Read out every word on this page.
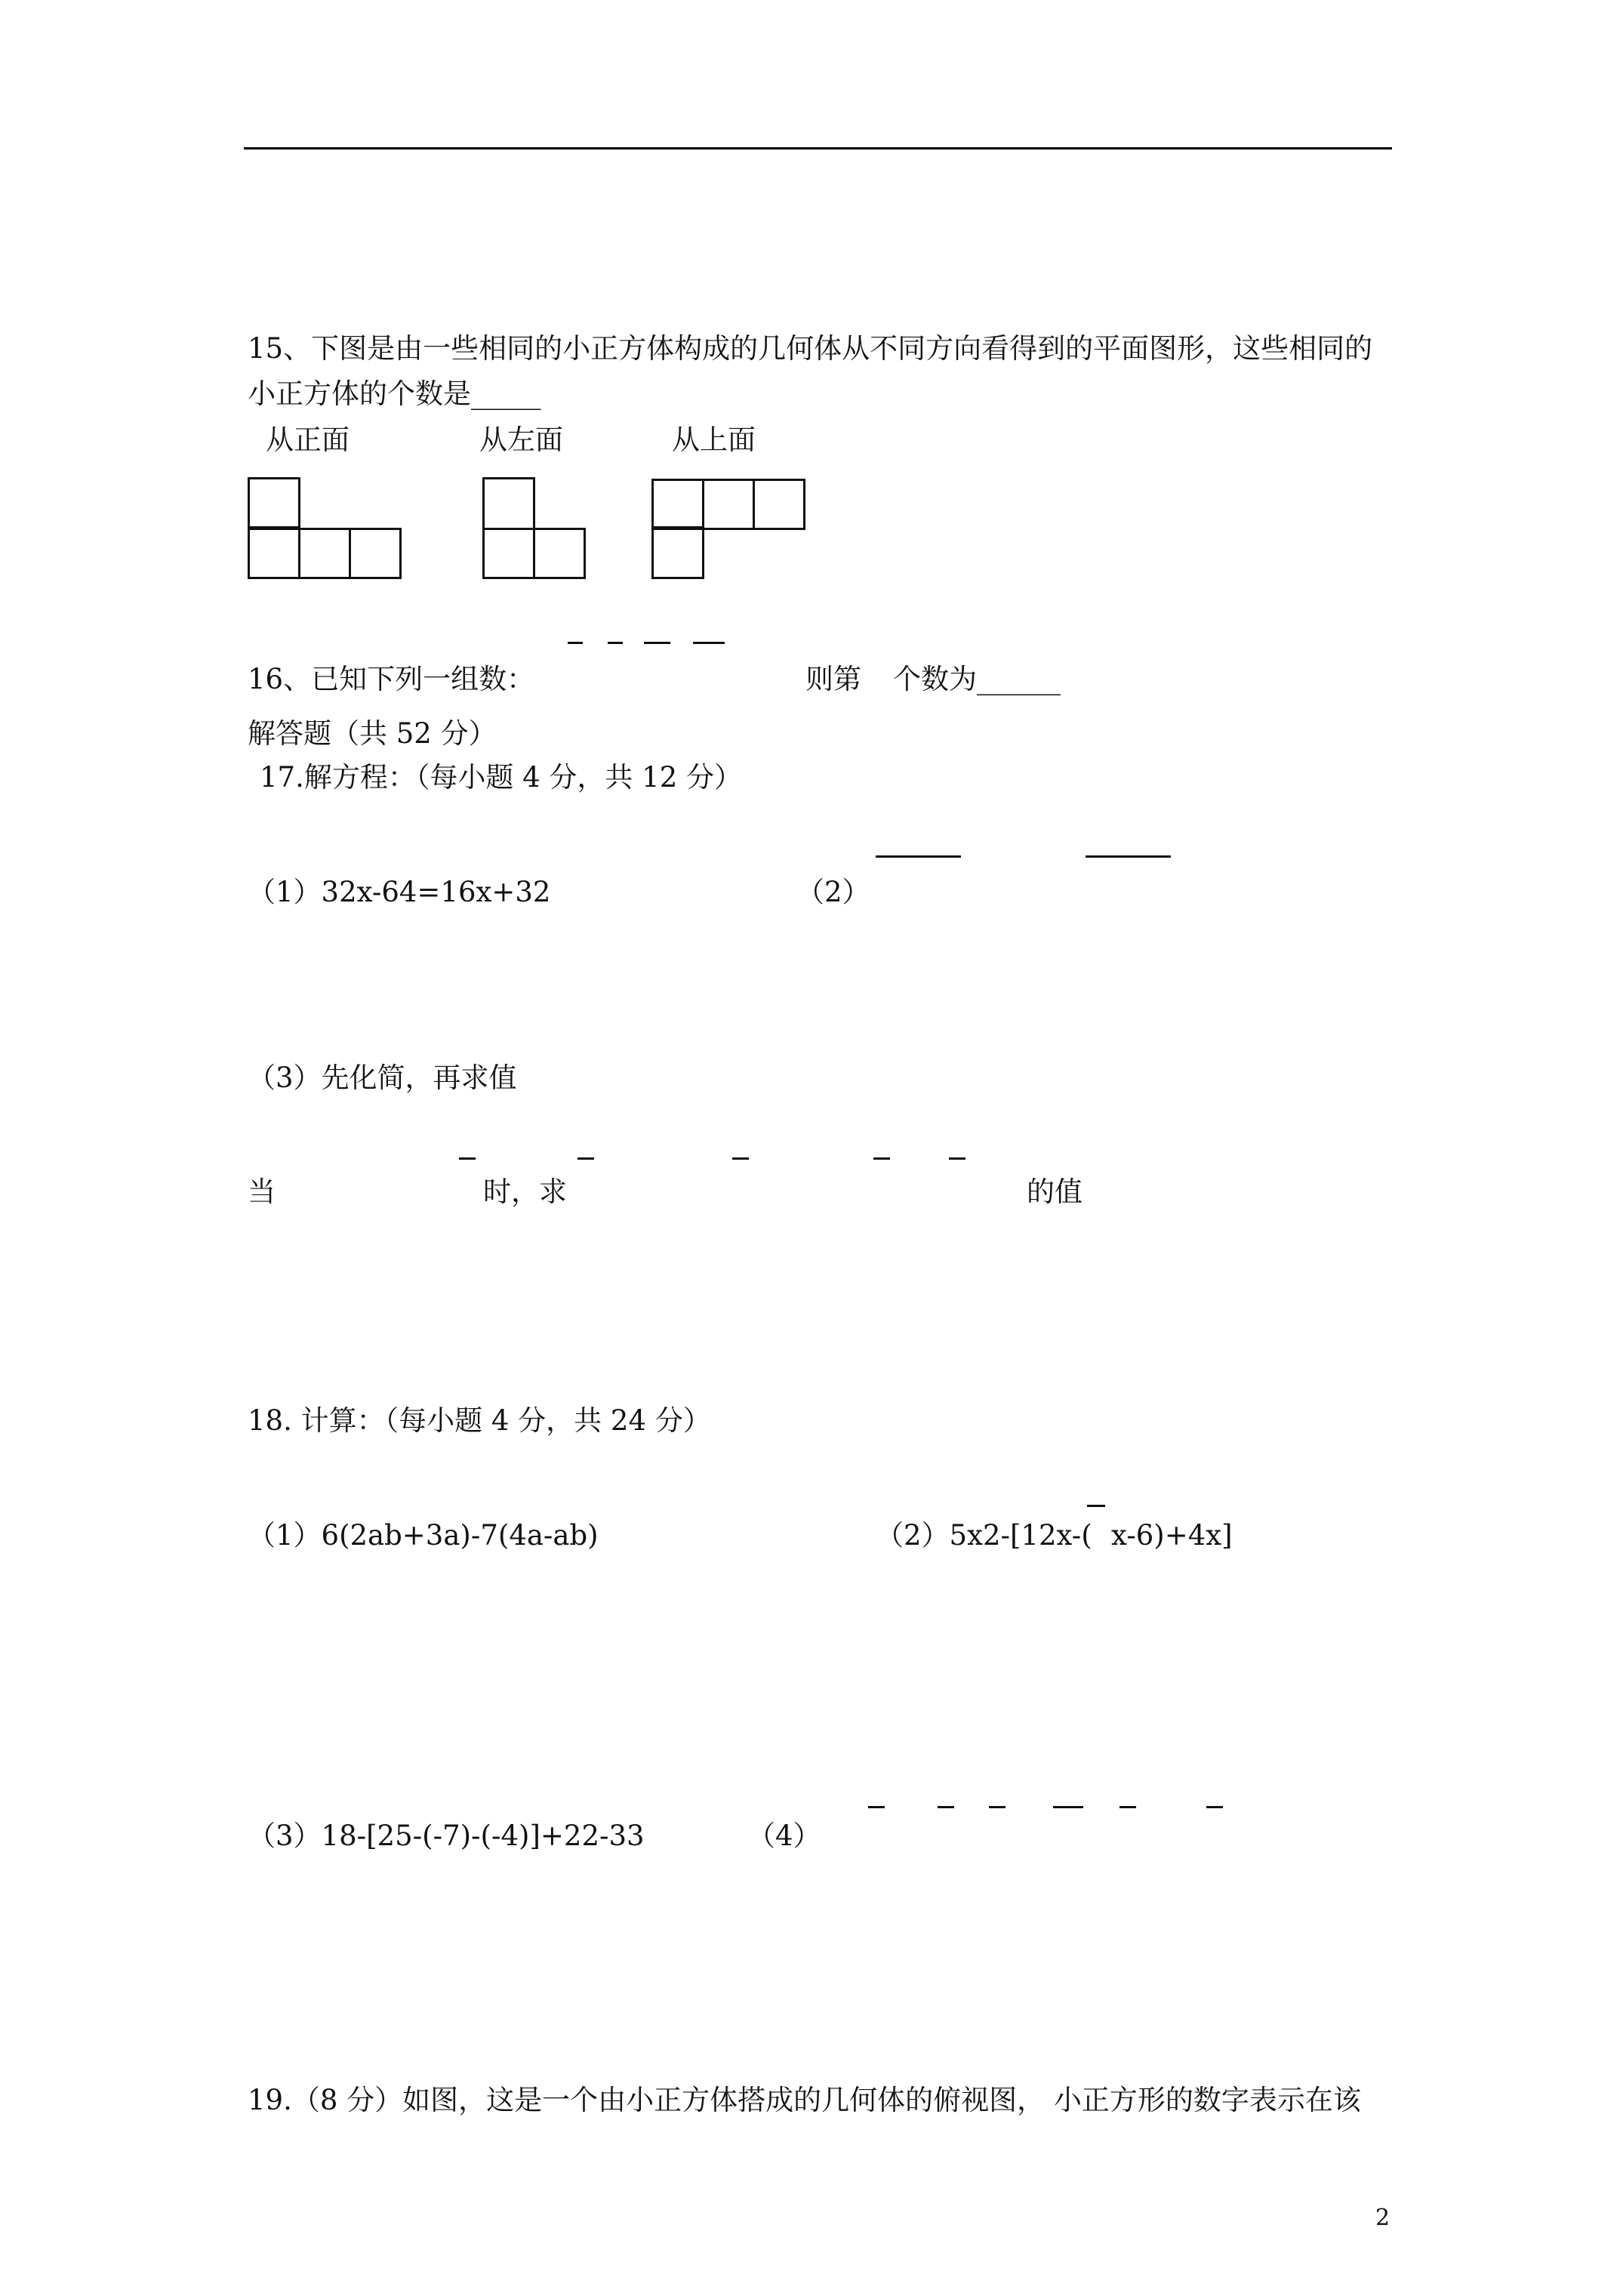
15、下图是由一些相同的小正方体构成的几何体从不同方向看得到的平面图形，这些相同的
小正方体的个数是_____
从正面	从左面	从上面
16、已知下列一组数：	则第 个数为______
解答题（共 52 分）
17.解方程：（每小题 4 分，共 12 分）
（1）32x-64=16x+32	（2）
（3）先化简，再求值
当	时，求	的值
18. 计算：（每小题 4 分，共 24 分）
（1）6(2ab+3a)-7(4a-ab)	（2）5x2-[12x-( x-6)+4x]
（3）18-[25-(-7)-(-4)]+22-33	（4）
19.（8 分）如图，这是一个由小正方体搭成的几何体的俯视图， 小正方形的数字表示在该
2
